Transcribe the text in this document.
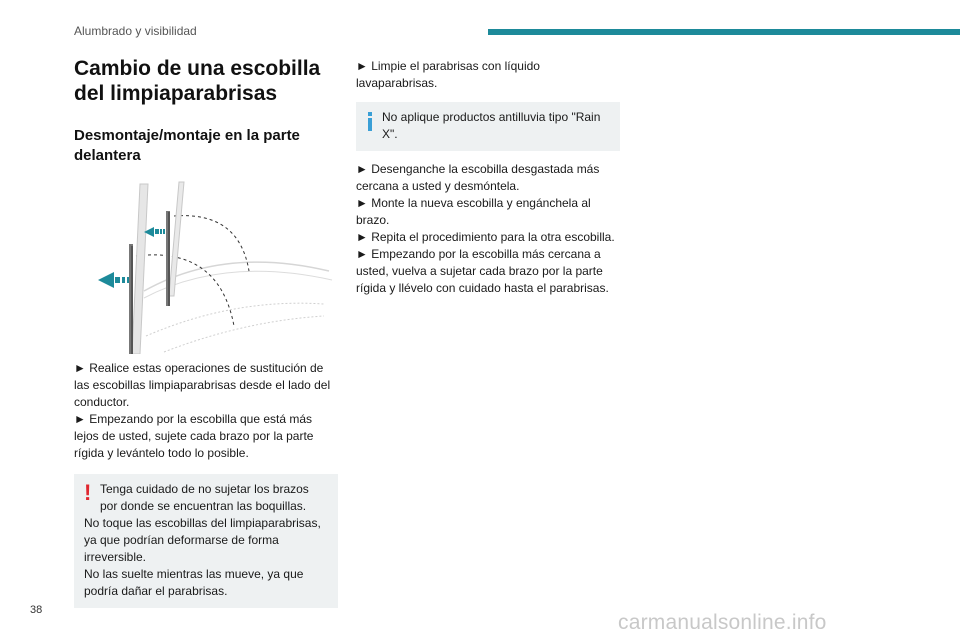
Alumbrado y visibilidad
Cambio de una escobilla del limpiaparabrisas
Desmontaje/montaje en la parte delantera

► Realice estas operaciones de sustitución de las escobillas limpiaparabrisas desde el lado del conductor.

► Empezando por la escobilla que está más lejos de usted, sujete cada brazo por la parte rígida y levántelo todo lo posible.

! Tenga cuidado de no sujetar los brazos por donde se encuentran las boquillas.
No toque las escobillas del limpiaparabrisas, ya que podrían deformarse de forma irreversible.
No las suelte mientras las mueve, ya que podría dañar el parabrisas.

► Limpie el parabrisas con líquido lavaparabrisas.

No aplique productos antilluvia tipo "Rain X".

► Desenganche la escobilla desgastada más cercana a usted y desmóntela.

► Monte la nueva escobilla y engánchela al brazo.

► Repita el procedimiento para la otra escobilla.

► Empezando por la escobilla más cercana a usted, vuelva a sujetar cada brazo por la parte rígida y llévelo con cuidado hasta el parabrisas.

38
carmanualsonline.info
